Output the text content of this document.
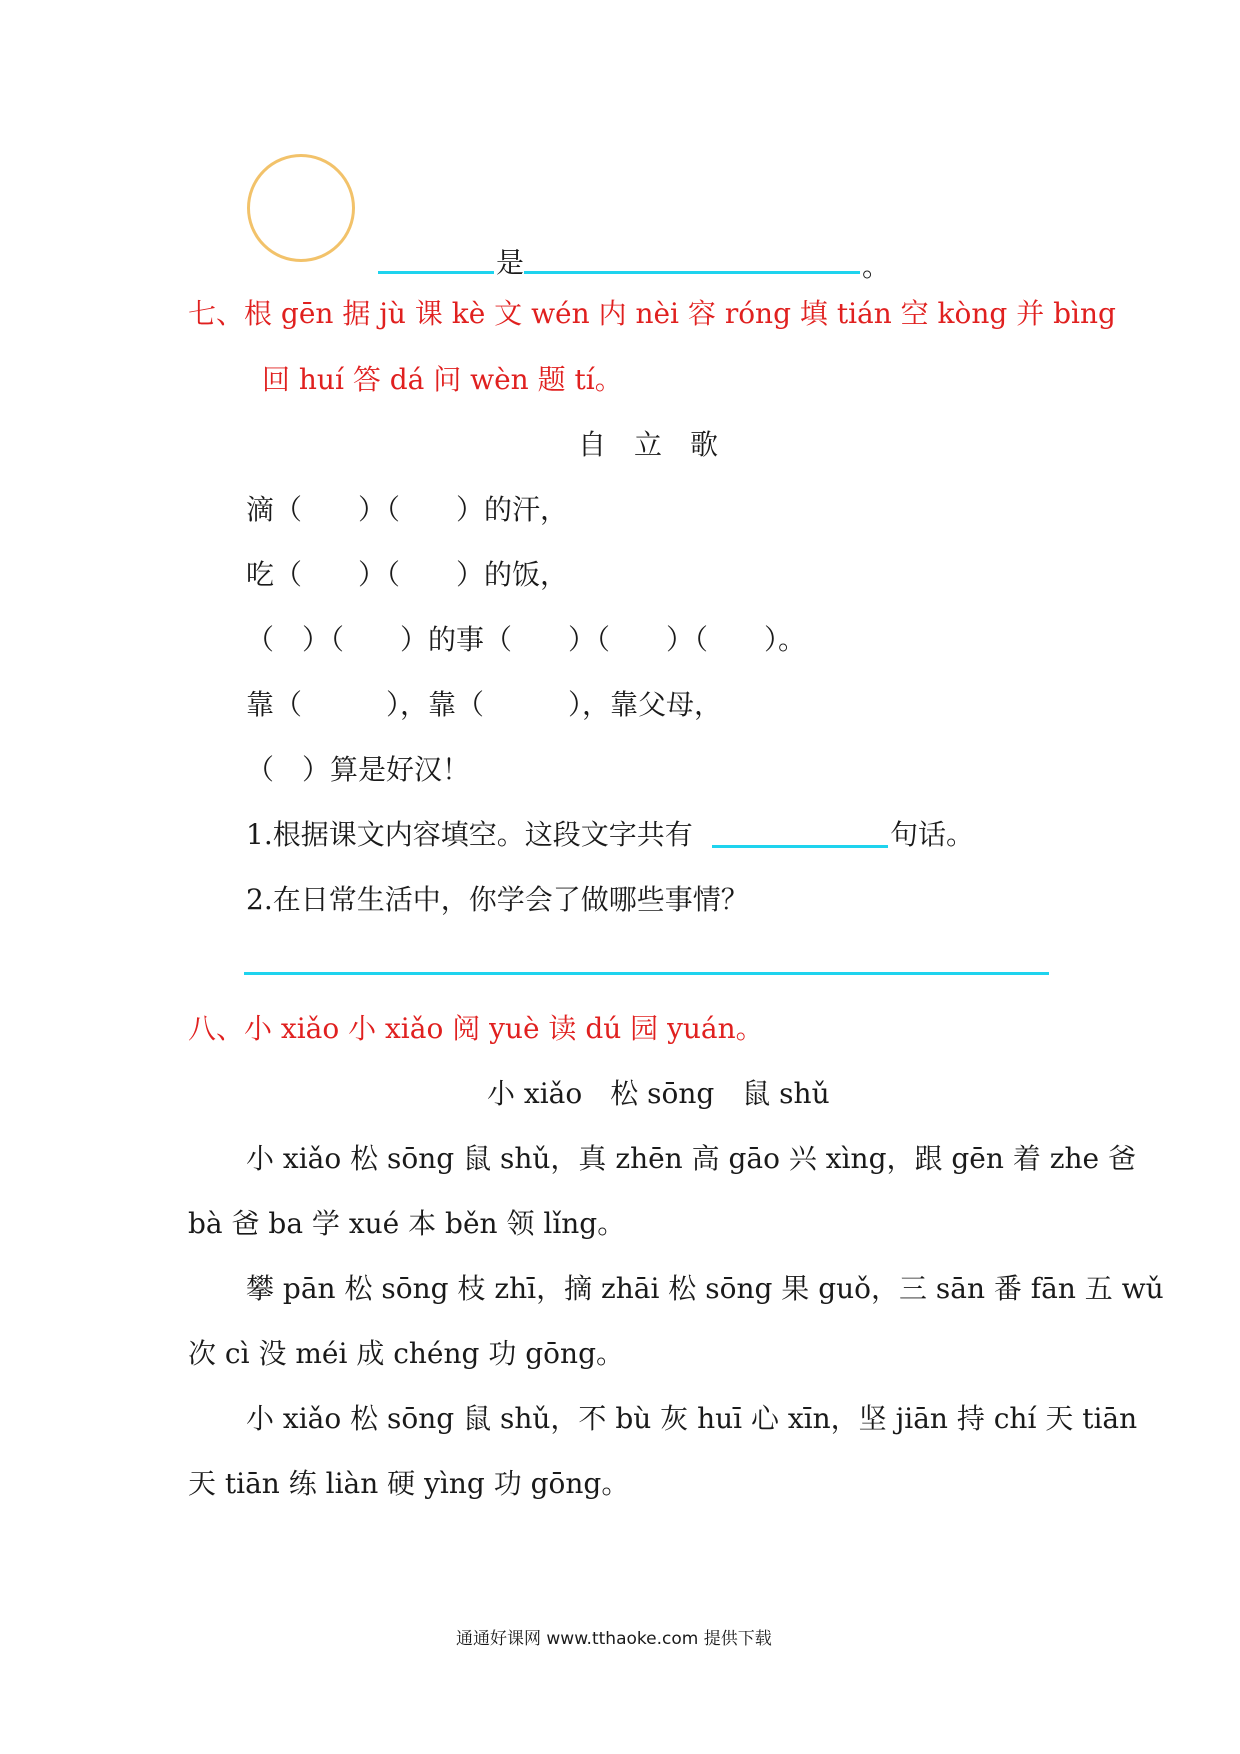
是	。
七、根 gēn 据 jù 课 kè 文 wén 内 nèi 容 róng 填 tián 空 kòng 并 bìng
回 huí 答 dá 问 wèn 题 tí。
自　立　歌
滴（　　）（　　）的汗，
吃（　　）（　　）的饭，
（　）（　　）的事（　　）（　　）（　　）。
靠（　　　），靠（　　　），靠父母，
（　）算是好汉！
1.根据课文内容填空。这段文字共有	句话。
2.在日常生活中，你学会了做哪些事情？
八、小 xiǎo 小 xiǎo 阅 yuè 读 dú 园 yuán。
小 xiǎo　松 sōng　鼠 shǔ
小 xiǎo 松 sōng 鼠 shǔ，真 zhēn 高 gāo 兴 xìng，跟 gēn 着 zhe 爸
bà 爸 ba 学 xué 本 běn 领 lǐng。
攀 pān 松 sōng 枝 zhī，摘 zhāi 松 sōng 果 guǒ，三 sān 番 fān 五 wǔ
次 cì 没 méi 成 chéng 功 gōng。
小 xiǎo 松 sōng 鼠 shǔ，不 bù 灰 huī 心 xīn，坚 jiān 持 chí 天 tiān
天 tiān 练 liàn 硬 yìng 功 gōng。
通通好课网 www.tthaoke.com 提供下载
